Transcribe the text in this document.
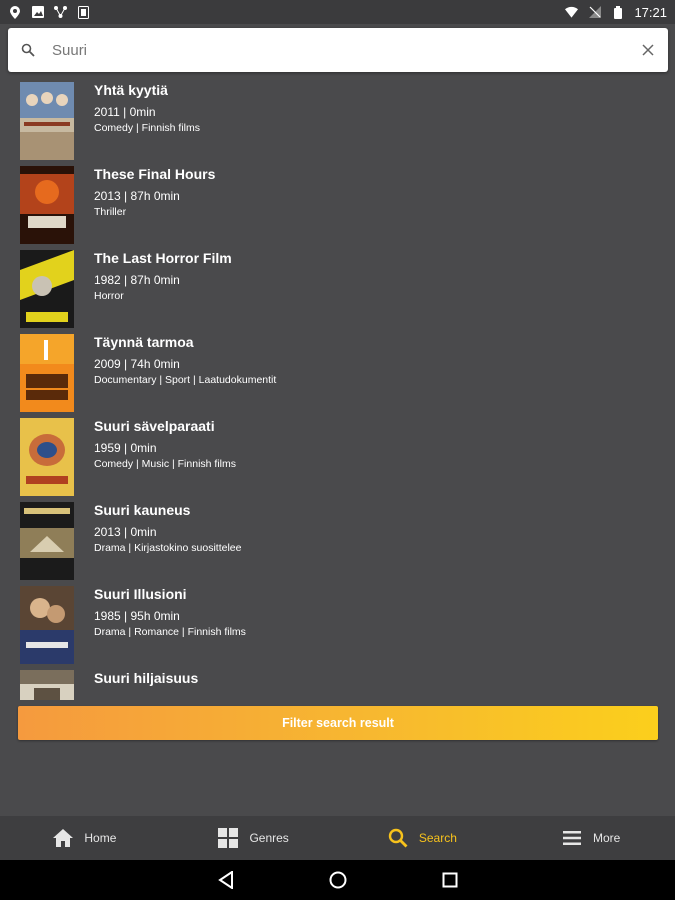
17:21
Suuri
Yhtä kyytiä
2011 | 0min
Comedy | Finnish films
These Final Hours
2013 | 87h 0min
Thriller
The Last Horror Film
1982 | 87h 0min
Horror
Täynnä tarmoa
2009 | 74h 0min
Documentary | Sport | Laatudokumentit
Suuri sävelparaati
1959 | 0min
Comedy | Music | Finnish films
Suuri kauneus
2013 | 0min
Drama | Kirjastokino suosittelee
Suuri Illusioni
1985 | 95h 0min
Drama | Romance | Finnish films
Suuri hiljaisuus
Filter search result
Home	Genres	Search	More
